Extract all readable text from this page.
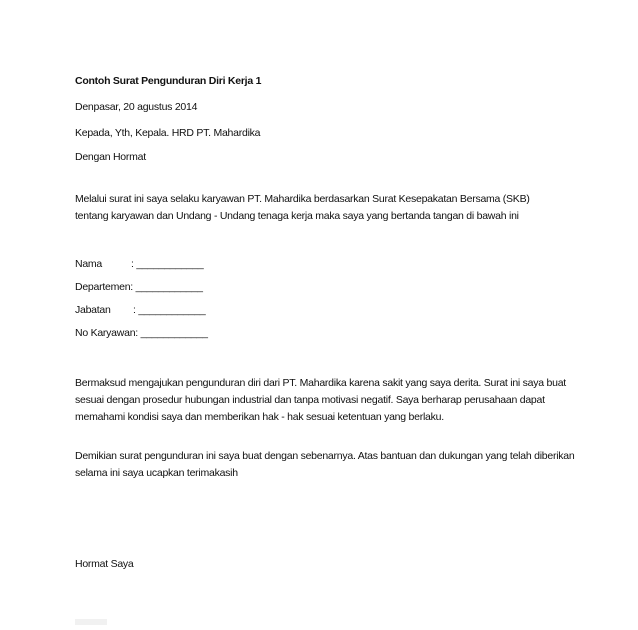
Contoh Surat Pengunduran Diri Kerja 1
Denpasar, 20 agustus 2014
Kepada, Yth, Kepala. HRD PT. Mahardika
Dengan Hormat
Melalui surat ini saya selaku karyawan PT. Mahardika berdasarkan Surat Kesepakatan Bersama (SKB)
tentang karyawan dan Undang - Undang tenaga kerja maka saya yang bertanda tangan di bawah ini
Nama	: ____________
Departemen: ____________
Jabatan : ____________
No Karyawan: ____________
Bermaksud mengajukan pengunduran diri dari PT. Mahardika karena sakit yang saya derita. Surat ini saya buat sesuai dengan prosedur hubungan industrial dan tanpa motivasi negatif. Saya berharap perusahaan dapat memahami kondisi saya dan memberikan hak - hak sesuai ketentuan yang berlaku.
Demikian surat pengunduran ini saya buat dengan sebenarnya. Atas bantuan dan dukungan yang telah diberikan selama ini saya ucapkan terimakasih
Hormat Saya
